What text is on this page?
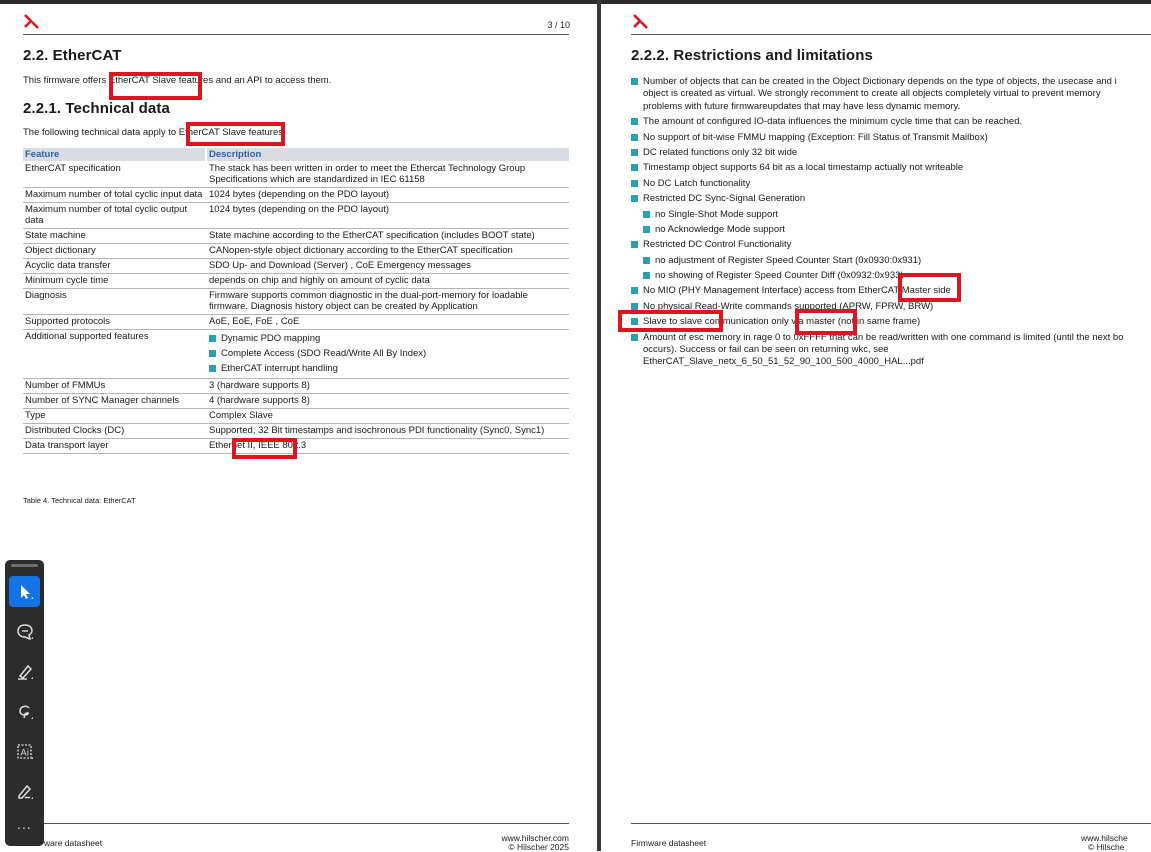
3 / 10
2.2. EtherCAT
This firmware offers EtherCAT Slave features and an API to access them.
2.2.1. Technical data
The following technical data apply to EtherCAT Slave features.
Feature		Description
EtherCAT specification		The stack has been written in order to meet the Ethercat Technology Group Specifications which are standardized in IEC 61158
Maximum number of total cyclic input data		1024 bytes (depending on the PDO layout)
Maximum number of total cyclic output data		1024 bytes (depending on the PDO layout)
State machine		State machine according to the EtherCAT specification (includes BOOT state)
Object dictionary		CANopen-style object dictionary according to the EtherCAT specification
Acyclic data transfer		SDO Up- and Download (Server) , CoE Emergency messages
Minimum cycle time		depends on chip and highly on amount of cyclic data
Diagnosis		Firmware supports common diagnostic in the dual-port-memory for loadable firmware. Diagnosis history object can be created by Application
Supported protocols		AoE, EoE, FoE , CoE
Additional supported features		Dynamic PDO mapping
Complete Access (SDO Read/Write All By Index)
EtherCAT interrupt handling

Number of FMMUs		3 (hardware supports 8)
Number of SYNC Manager channels		4 (hardware supports 8)
Type		Complex Slave
Distributed Clocks (DC)		Supported, 32 Bit timestamps and isochronous PDI functionality (Sync0, Sync1)
Data transport layer		Ethernet II, IEEE 802.3
Table 4. Technical data: EtherCAT
ware datasheet	www.hilscher.com
© Hilscher 2025
2.2.2. Restrictions and limitations
Number of objects that can be created in the Object Dictionary depends on the type of objects, the usecase and i
object is created as virtual. We strongly recomment to create all objects completely virtual to prevent memory
problems with future firmwareupdates that may have less dynamic memory.
The amount of configured IO-data influences the minimum cycle time that can be reached.
No support of bit-wise FMMU mapping (Exception: Fill Status of Transmit Mailbox)
DC related functions only 32 bit wide
Timestamp object supports 64 bit as a local timestamp actually not writeable
No DC Latch functionality
Restricted DC Sync-Signal Generation
no Single-Shot Mode support
no Acknowledge Mode support
Restricted DC Control Functionality
no adjustment of Register Speed Counter Start (0x0930:0x931)
no showing of Register Speed Counter Diff (0x0932:0x933)
No MIO (PHY Management Interface) access from EtherCAT Master side
No physical Read-Write commands supported (APRW, FPRW, BRW)
Slave to slave communication only via master (not in same frame)
Amount of esc memory in rage 0 to 0xFFFF that can be read/written with one command is limited (until the next bo
occurs). Success or fail can be seen on returning wkc, see
EtherCAT_Slave_netx_6_50_51_52_90_100_500_4000_HAL...pdf
Firmware datasheet	www.hilsche
© Hilsche
Ai
...
